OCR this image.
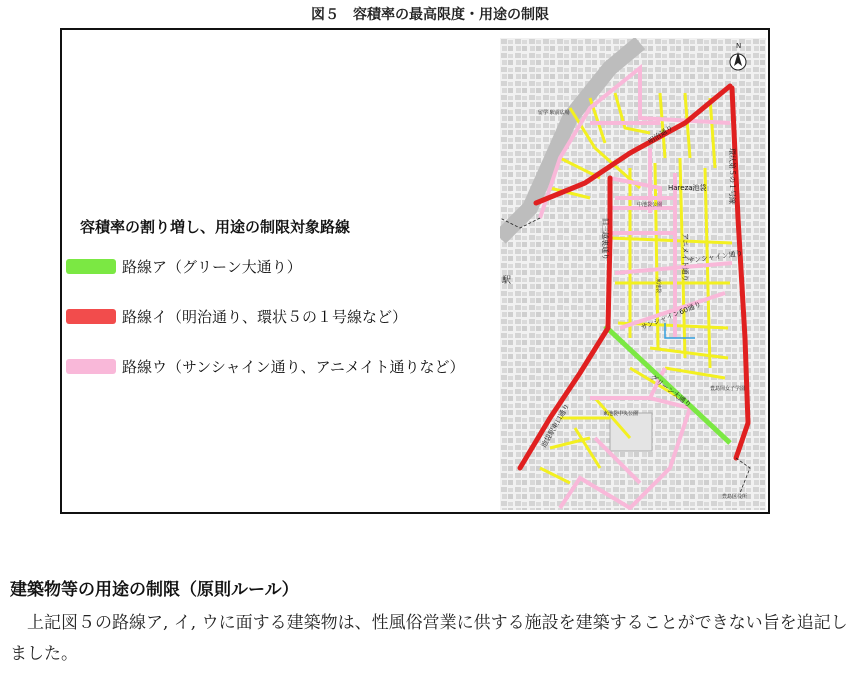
図５　容積率の最高限度・用途の制限
容積率の割り増し、用途の制限対象路線
路線ア（グリーン大通り）
路線イ（明治通り、環状５の１号線など）
路線ウ（サンシャイン通り、アニメイト通りなど）
N
明治通り
環状第５の１号線
旧三越裏通り
Hareza池袋
中池袋公園
アニメイト通り
サンシャイン通り
東池袋
サンシャイン60通り
グリーン大通り
池袋駅東口通り	東池袋中央公園
豊島岡女子学園
豊島区役所
留学 駅前広場
駅
建築物等の用途の制限（原則ルール）
上記図５の路線ア, イ, ウに面する建築物は、性風俗営業に供する施設を建築することができない旨を追記しました。
